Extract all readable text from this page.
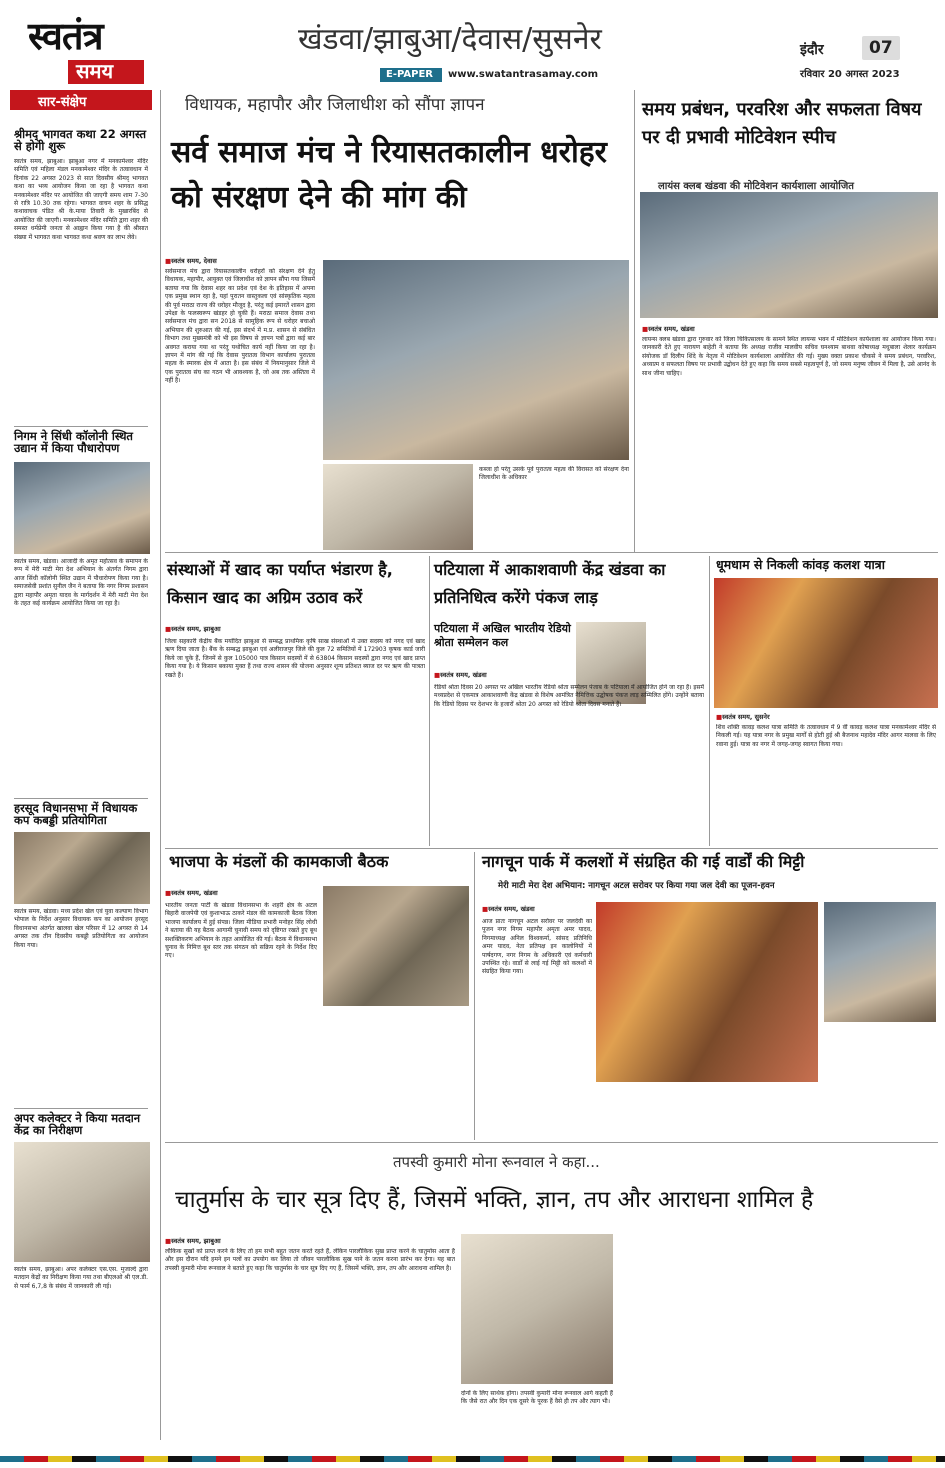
स्वतंत्र
समय
खंडवा/झाबुआ/देवास/सुसनेर
E-PAPER www.swatantrasamay.com
इंदौर	07
रविवार 20 अगस्त 2023
सार-संक्षेप
श्रीमद् भागवत कथा 22 अगस्त से होगी शुरू
स्वतंत्र समय, झाबुआ। झाबुआ नगर में मनकामेश्वर मंदिर समिति एवं महिला मंडल मनकामेश्वर मंदिर के तत्वावधान में दिनांक 22 अगस्त 2023 से सात दिवसीय श्रीमद् भागवत कथा का भव्य आयोजन किया जा रहा है भागवत कथा मनकामेश्वर मंदिर पर आयोजित की जाएगी समय शाम 7-30 से रात्रि 10.30 तक रहेगा। भागवत वाचन शहर के प्रसिद्ध कथावाचक पंडित श्री के.माया तिवारी के मुखारबिंद से आयोजित की जाएगी। मनकामेश्वर मंदिर समिति द्वारा शहर की समस्त धर्मप्रेमी जनता से आह्वान किया गया है की श्रीसात संख्या में भागवत कथा भागवत कथा श्रवण का लाभ लेवे।
निगम ने सिंधी कॉलोनी स्थित उद्यान में किया पौधारोपण
स्वतंत्र समय, खंडवा। आजादी के अमृत महोत्सव के समापन के रूप में मेरी माटी मेरा देश अभियान के अंतर्गत निगम द्वारा आज सिंधी कॉलोनी स्थित उद्यान में पौधारोपण किया गया है। समाजसेवी प्रशांत सुनील जैन ने बताया कि नगर निगम प्रशासन द्वारा महापौर अमृता यादव के मार्गदर्शन में मेरी माटी मेरा देश के तहत कई कार्यक्रम आयोजित किया जा रहा है।
हरसूद विधानसभा में विधायक कप कबड्डी प्रतियोगिता
स्वतंत्र समय, खंडवा। मध्य प्रदेश खेल एवं युवा कल्याण विभाग भोपाल के निर्देश अनुसार विधायक कप का आयोजन हरसूद विधानसभा अंतर्गत खालवा खेल परिसर में 12 अगस्त से 14 अगस्त तक तीन दिवसीय कबड्डी प्रतियोगिता का आयोजन किया गया।
अपर कलेक्टर ने किया मतदान केंद्र का निरीक्षण
स्वतंत्र समय, झाबुआ। अपर कलेक्टर एस.एस. मुजाल्दे द्वारा मतदान केंद्रों का निरीक्षण किया गया तथा बीएलओ श्री एल.डी. से फार्म 6,7,8 के संबंध में जानकारी ली गई।
विधायक, महापौर और जिलाधीश को सौंपा ज्ञापन
सर्व समाज मंच ने रियासतकालीन धरोहर को संरक्षण देने की मांग की
■ स्वतंत्र समय, देवास
सर्वसमाज मंच द्वारा रियासतकालीन धरोहरों को संरक्षण देने हेतु विधायक, महापौर, आयुक्त एवं जिलाधीश को ज्ञापन सौंपा गया जिसमें बताया गया कि देवास शहर का प्रदेश एवं देश के इतिहास में अपना एक प्रमुख स्थान रहा है, यहां पुरातन वास्तुकला एवं सांस्कृतिक महत्व की पूर्व मराठा राज्य की धरोहर मौजूद है, परंतु कई इमारतें शासन द्वारा उपेक्षा के फलस्वरूप खंडहर हो चुकी हैं। मराठा समाज देवास तथा सर्वसमाज मंच द्वारा सन 2018 से सामूहिक रूप से धरोहर बचाओ अभियान की शुरुआत की गई, इस संदर्भ में म.प्र. शासन से संबंधित विभाग तथा मुख्यमंत्री को भी इस विषय से ज्ञापन पत्रों द्वारा कई बार अवगत कराया गया था परंतु यथोचित कार्य नहीं किया जा रहा है। ज्ञापन में मांग की गई कि देवास पुरातत्व विभाग कार्यालय पुरातत्व महत्व के स्मारक क्षेत्र में आता है। इस संबंध में नियमानुसार जिले में एक पुरातत्व संघ का गठन भी आवश्यक है, जो अब तक अस्तित्व में नहीं है।
कब्जा हो परंतु उसके पूर्व पुरातत्व महत्व की विरासत को संरक्षण देना जिलाधीश के अधिकार
समय प्रबंधन, परवरिश और सफलता विषय पर दी प्रभावी मोटिवेशन स्पीच
लायंस क्लब खंडवा की मोटिवेशन कार्यशाला आयोजित
■ स्वतंत्र समय, खंडवा
लायन्स क्लब खंडवा द्वारा गुरुवार को जिला चिकित्सालय के सामने स्थित लायन्स भवन में मोटिवेशन कार्यशाला का आयोजन किया गया। जानकारी देते हुए नारायण बाहेती ने बताया कि अध्यक्ष राजीव मालवीय सचिव घनश्याम बाथवा कोषाध्यक्ष मधुबाला शेलार कार्यक्रम संयोजक डॉ दिलीप शिंदे के नेतृत्व में मोटिवेशन कार्यशाला आयोजित की गई। मुख्य वक्ता प्रकाश चौकसे ने समय प्रबंधन, परवरिश, अध्यात्म व सफलता विषय पर प्रभावी उद्बोधन देते हुए कहा कि समय सबसे महत्वपूर्ण है, जो समय मनुष्य जीवन में मिला है, उसे आनंद के साथ जीना चाहिए।
संस्थाओं में खाद का पर्याप्त भंडारण है, किसान खाद का अग्रिम उठाव करें
■ स्वतंत्र समय, झाबुआ
जिला सहकारी केंद्रीय बैंक मर्यादित झाबुआ से सम्बद्ध प्राथमिक कृषि साख संस्थाओं में उक्त सदस्य को नगद एवं खाद ऋण दिया जाता है। बैंक के सम्बद्ध झाबुआ एवं अलीराजपुर जिले की कुल 72 समितियों में 172903 कृषक कार्ड जारी किये जा चुके हैं, जिनमें से कुल 105000 पात्र किसान सदस्यों में से 63804 किसान सदस्यों द्वारा नगद एवं खाद प्राप्त किया गया है। ये किसान बकाया मुक्त हैं तथा राज्य शासन की योजना अनुसार शून्य प्रतिशत ब्याज दर पर ऋण की पात्रता रखते हैं।
पटियाला में आकाशवाणी केंद्र खंडवा का प्रतिनिधित्व करेंगे पंकज लाड़
पटियाला में अखिल भारतीय रेडियो श्रोता सम्मेलन कल
■ स्वतंत्र समय, खंडवा
रेडियो श्रोता दिवस 20 अगस्त पर अखिल भारतीय रेडियो श्रोता सम्मेलन पंजाब के पटियाला में आयोजित होने जा रहा है। इसमें मध्यप्रदेश से एकमात्र आकाशवाणी केंद्र खंडवा से विशेष आमंत्रित नैमित्तिक उद्घोषक पंकज लाड़ सम्मिलित होंगे। उन्होंने बताया कि रेडियो दिवस पर देशभर के हजारों श्रोता 20 अगस्त को रेडियो श्रोता दिवस मनाते हैं।
धूमधाम से निकली कांवड़ कलश यात्रा
■ स्वतंत्र समय, सुसनेर
शिव शक्ति कावड़ कलश यात्रा समिति के तत्वावधान में 9 वीं कावड़ कलश यात्रा मनकामेश्वर मंदिर से निकली गई। यह यात्रा नगर के प्रमुख मार्गों से होती हुई श्री बैजनाथ महादेव मंदिर आगर मालवा के लिए रवाना हुई। यात्रा का नगर में जगह-जगह स्वागत किया गया।
भाजपा के मंडलों की कामकाजी बैठक
■ स्वतंत्र समय, खंडवा
भारतीय जनता पार्टी के खंडवा विधानसभा के शहरी क्षेत्र के अटल बिहारी वाजपेयी एवं कुशाभाऊ ठाकरे मंडल की कामकाजी बैठक जिला भाजपा कार्यालय में हुई संपन्न। जिला मीडिया प्रभारी मनोहर सिंह लोधी ने बताया की यह बैठक आगामी चुनावी समय को दृष्टिगत रखते हुए बूथ सशक्तिकरण अभियान के तहत आयोजित की गई। बैठक में विधानसभा चुनाव के निमित्त बूथ स्तर तक संगठन को सक्रिय रहने के निर्देश दिए गए।
नागचून पार्क में कलशों में संग्रहित की गई वार्डों की मिट्टी
मेरी माटी मेरा देश अभियान: नागचून अटल सरोवर पर किया गया जल देवी का पूजन-हवन
■ स्वतंत्र समय, खंडवा
आज प्रातः नागचून अटल सरोवर पर जलदेवी का पूजन नगर निगम महापौर अमृता अमर यादव, निगमाध्यक्ष अनिल विश्वकर्मा, सांसद प्रतिनिधि अमर यादव, नेता प्रतिपक्ष इन कालोनियों में पार्षदगण, नगर निगम के अधिकारी एवं कर्मचारी उपस्थित रहे। वार्डों से लाई गई मिट्टी को कलशों में संग्रहित किया गया।
तपस्वी कुमारी मोना रूनवाल ने कहा...
चातुर्मास के चार सूत्र दिए हैं, जिसमें भक्ति, ज्ञान, तप और आराधना शामिल है
■ स्वतंत्र समय, झाबुआ
लौकिक सुखों को प्राप्त करने के लिए तो हम सभी बहुत जतन करते रहते हैं, लेकिन पारलौकिक सुख प्राप्त करने के चातुर्मास आता है और इस दौरान यदि हमने इन पलों का उपयोग कर लिया तो जीवन पारलौकिक सुख पाने के जतन करना प्रारंभ कर देगा। यह बात तपस्वी कुमारी मोना रूनवाल ने बताते हुए कहा कि चातुर्मास के चार सूत्र दिए गए हैं, जिसमें भक्ति, ज्ञान, तप और आराधना शामिल है।
दोनों के लिए सार्थक होगा। तपस्वी कुमारी मोना रूनवाल आगे कहती हैं कि जैसे रात और दिन एक दूसरे के पूरक हैं वैसे ही तप और त्याग भी।
